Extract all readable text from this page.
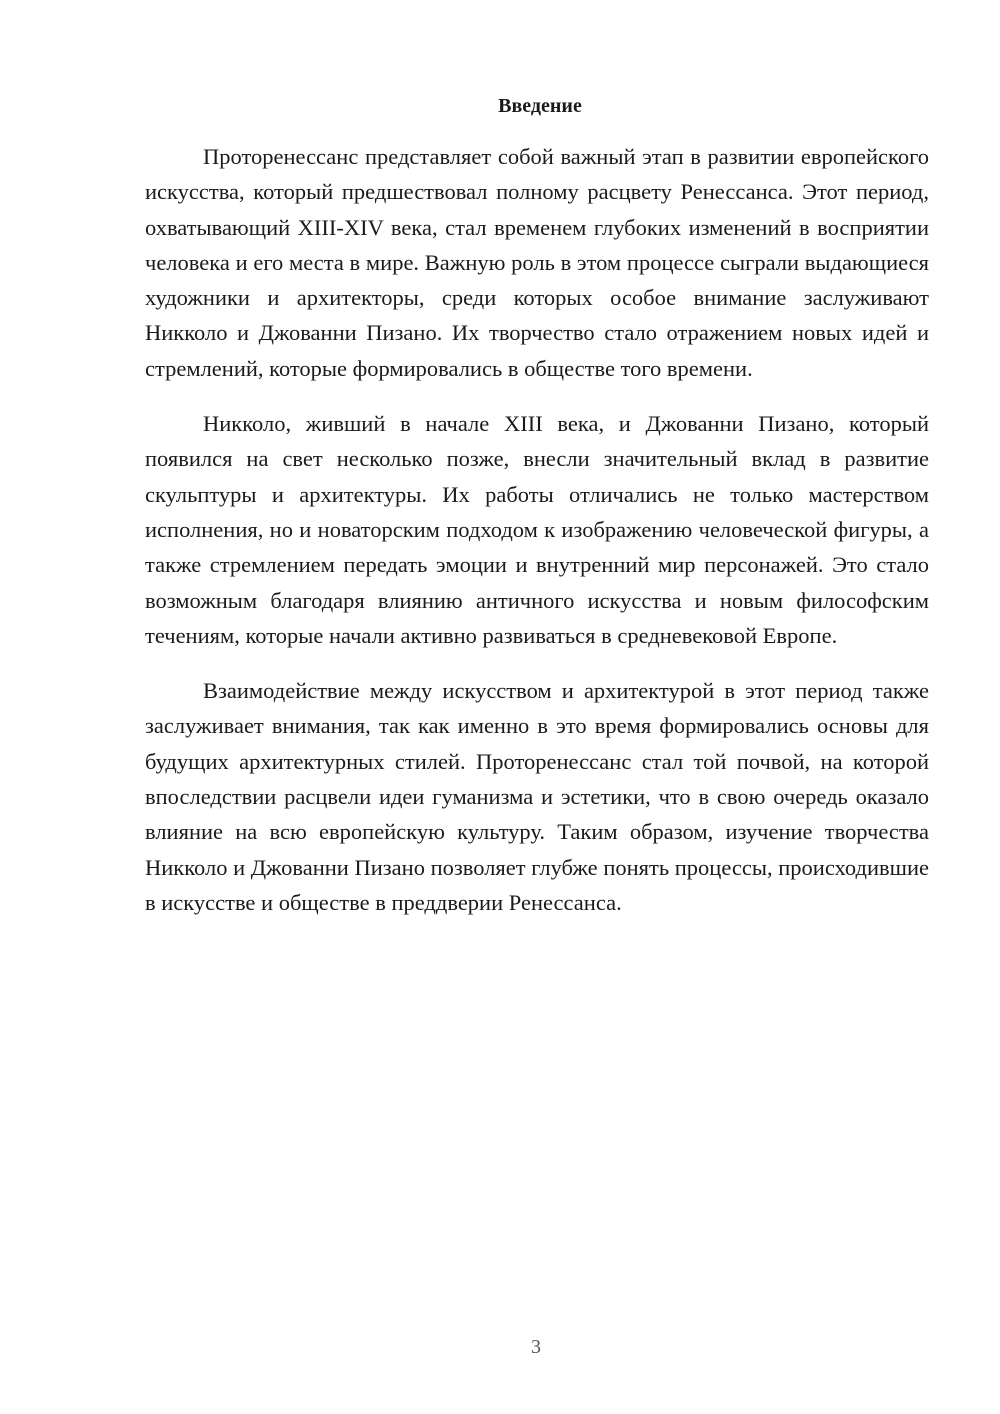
Введение

Проторенессанс представляет собой важный этап в развитии европейского искусства, который предшествовал полному расцвету Ренессанса. Этот период, охватывающий XIII-XIV века, стал временем глубоких изменений в восприятии человека и его места в мире. Важную роль в этом процессе сыграли выдающиеся художники и архитекторы, среди которых особое внимание заслуживают Никколо и Джованни Пизано. Их творчество стало отражением новых идей и стремлений, которые формировались в обществе того времени.

Никколо, живший в начале XIII века, и Джованни Пизано, который появился на свет несколько позже, внесли значительный вклад в развитие скульптуры и архитектуры. Их работы отличались не только мастерством исполнения, но и новаторским подходом к изображению человеческой фигуры, а также стремлением передать эмоции и внутренний мир персонажей. Это стало возможным благодаря влиянию античного искусства и новым философским течениям, которые начали активно развиваться в средневековой Европе.

Взаимодействие между искусством и архитектурой в этот период также заслуживает внимания, так как именно в это время формировались основы для будущих архитектурных стилей. Проторенессанс стал той почвой, на которой впоследствии расцвели идеи гуманизма и эстетики, что в свою очередь оказало влияние на всю европейскую культуру. Таким образом, изучение творчества Никколо и Джованни Пизано позволяет глубже понять процессы, происходившие в искусстве и обществе в преддверии Ренессанса.

3
